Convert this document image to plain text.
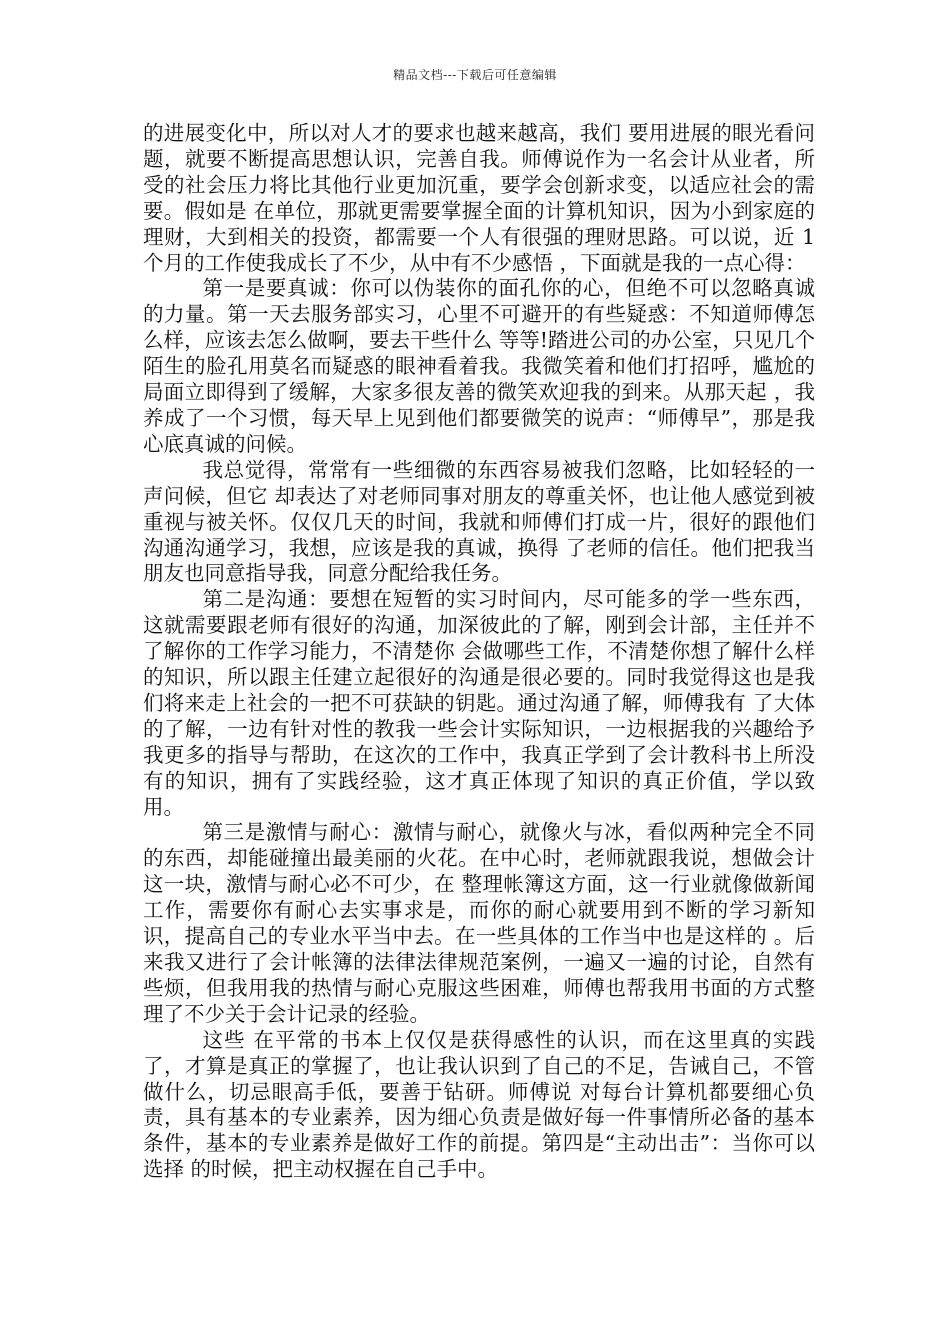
精品文档---下载后可任意编辑

的进展变化中，所以对人才的要求也越来越高，我们 要用进展的眼光看问题，就要不断提高思想认识，完善自我。师傅说作为一名会计从业者，所受的社会压力将比其他行业更加沉重，要学会创新求变，以适应社会的需要。假如是 在单位，那就更需要掌握全面的计算机知识，因为小到家庭的理财，大到相关的投资，都需要一个人有很强的理财思路。可以说，近 1 个月的工作使我成长了不少，从中有不少感悟 ，下面就是我的一点心得：

第一是要真诚：你可以伪装你的面孔你的心，但绝不可以忽略真诚的力量。第一天去服务部实习，心里不可避开的有些疑惑：不知道师傅怎么样，应该去怎么做啊，要去干些什么 等等!踏进公司的办公室，只见几个陌生的脸孔用莫名而疑惑的眼神看着我。我微笑着和他们打招呼，尴尬的局面立即得到了缓解，大家多很友善的微笑欢迎我的到来。从那天起 ，我养成了一个习惯，每天早上见到他们都要微笑的说声：“师傅早”，那是我心底真诚的问候。

我总觉得，常常有一些细微的东西容易被我们忽略，比如轻轻的一声问候，但它 却表达了对老师同事对朋友的尊重关怀，也让他人感觉到被重视与被关怀。仅仅几天的时间，我就和师傅们打成一片，很好的跟他们沟通沟通学习，我想，应该是我的真诚，换得 了老师的信任。他们把我当朋友也同意指导我，同意分配给我任务。

第二是沟通：要想在短暂的实习时间内，尽可能多的学一些东西，这就需要跟老师有很好的沟通，加深彼此的了解，刚到会计部，主任并不了解你的工作学习能力，不清楚你 会做哪些工作，不清楚你想了解什么样的知识，所以跟主任建立起很好的沟通是很必要的。同时我觉得这也是我们将来走上社会的一把不可获缺的钥匙。通过沟通了解，师傅我有 了大体的了解，一边有针对性的教我一些会计实际知识，一边根据我的兴趣给予我更多的指导与帮助，在这次的工作中，我真正学到了会计教科书上所没有的知识，拥有了实践经验，这才真正体现了知识的真正价值，学以致用。

第三是激情与耐心：激情与耐心，就像火与冰，看似两种完全不同的东西，却能碰撞出最美丽的火花。在中心时，老师就跟我说，想做会计这一块，激情与耐心必不可少，在 整理帐簿这方面，这一行业就像做新闻工作，需要你有耐心去实事求是，而你的耐心就要用到不断的学习新知识，提高自己的专业水平当中去。在一些具体的工作当中也是这样的 。后来我又进行了会计帐簿的法律法律规范案例，一遍又一遍的讨论，自然有些烦，但我用我的热情与耐心克服这些困难，师傅也帮我用书面的方式整理了不少关于会计记录的经验。

这些 在平常的书本上仅仅是获得感性的认识，而在这里真的实践了，才算是真正的掌握了，也让我认识到了自己的不足，告诫自己，不管做什么，切忌眼高手低，要善于钻研。师傅说 对每台计算机都要细心负责，具有基本的专业素养，因为细心负责是做好每一件事情所必备的基本条件，基本的专业素养是做好工作的前提。第四是“主动出击”：当你可以选择 的时候，把主动权握在自己手中。
